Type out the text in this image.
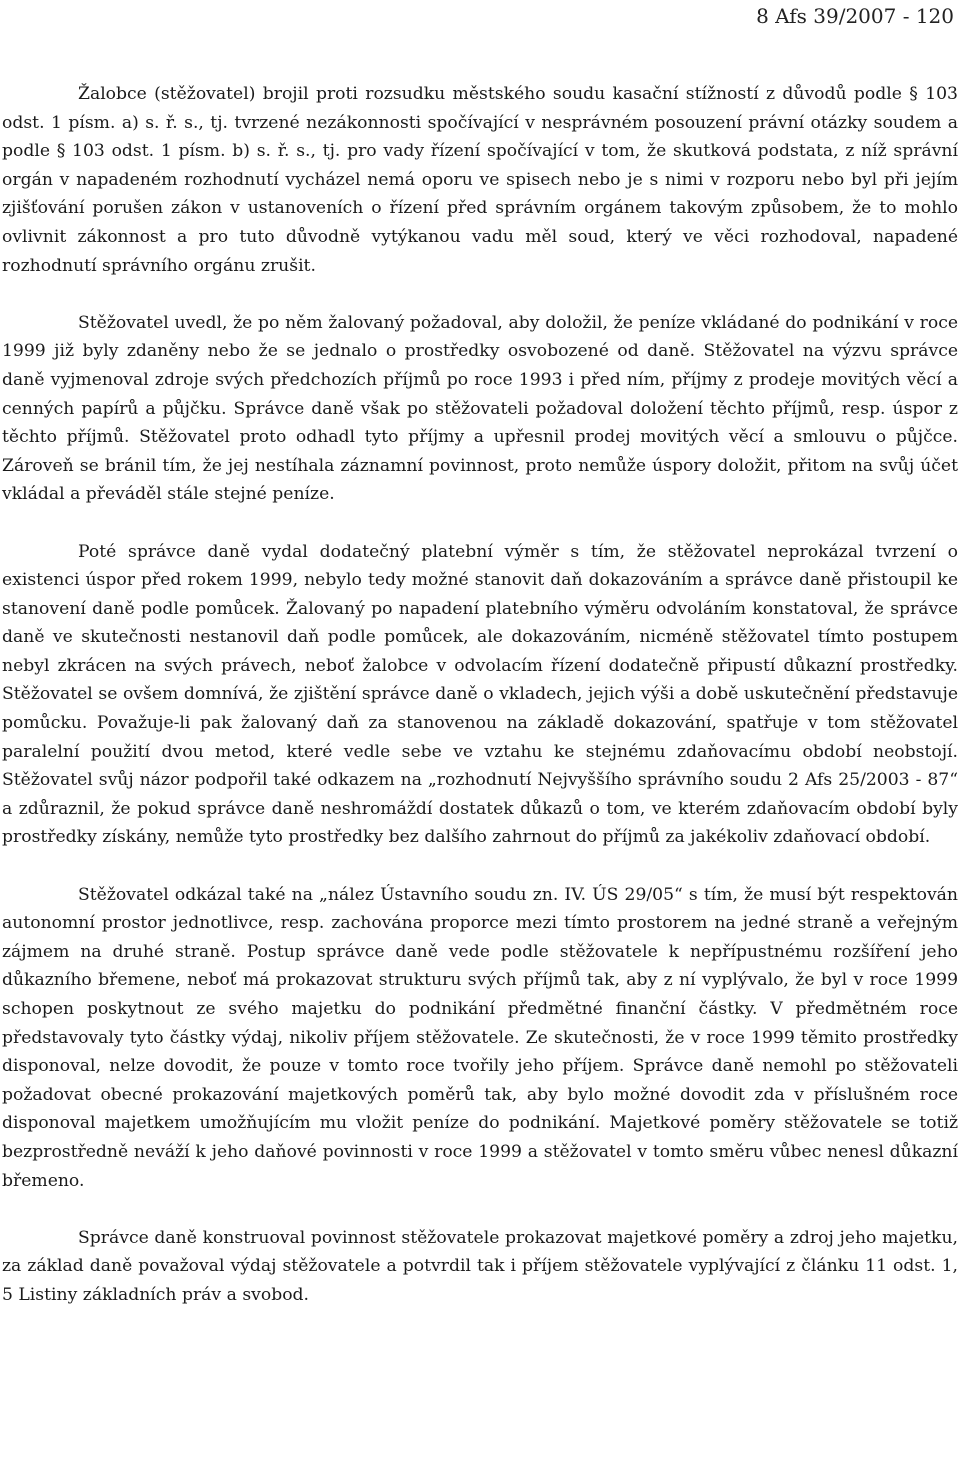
8 Afs 39/2007 - 120

Žalobce (stěžovatel) brojil proti rozsudku městského soudu kasační stížností z důvodů podle § 103 odst. 1 písm. a) s. ř. s., tj. tvrzené nezákonnosti spočívající v nesprávném posouzení právní otázky soudem a podle § 103 odst. 1 písm. b) s. ř. s., tj. pro vady řízení spočívající v tom, že skutková podstata, z níž správní orgán v napadeném rozhodnutí vycházel nemá oporu ve spisech nebo je s nimi v rozporu nebo byl při jejím zjišťování porušen zákon v ustanoveních o řízení před správním orgánem takovým způsobem, že to mohlo ovlivnit zákonnost a pro tuto důvodně vytýkanou vadu měl soud, který ve věci rozhodoval, napadené rozhodnutí správního orgánu zrušit.

Stěžovatel uvedl, že po něm žalovaný požadoval, aby doložil, že peníze vkládané do podnikání v roce 1999 již byly zdaněny nebo že se jednalo o prostředky osvobozené od daně. Stěžovatel na výzvu správce daně vyjmenoval zdroje svých předchozích příjmů po roce 1993 i před ním, příjmy z prodeje movitých věcí a cenných papírů a půjčku. Správce daně však po stěžovateli požadoval doložení těchto příjmů, resp. úspor z těchto příjmů. Stěžovatel proto odhadl tyto příjmy a upřesnil prodej movitých věcí a smlouvu o půjčce. Zároveň se bránil tím, že jej nestíhala záznamní povinnost, proto nemůže úspory doložit, přitom na svůj účet vkládal a převáděl stále stejné peníze.

Poté správce daně vydal dodatečný platební výměr s tím, že stěžovatel neprokázal tvrzení o existenci úspor před rokem 1999, nebylo tedy možné stanovit daň dokazováním a správce daně přistoupil ke stanovení daně podle pomůcek. Žalovaný po napadení platebního výměru odvoláním konstatoval, že správce daně ve skutečnosti nestanovil daň podle pomůcek, ale dokazováním, nicméně stěžovatel tímto postupem nebyl zkrácen na svých právech, neboť žalobce v odvolacím řízení dodatečně připustí důkazní prostředky. Stěžovatel se ovšem domnívá, že zjištění správce daně o vkladech, jejich výši a době uskutečnění představuje pomůcku. Považuje-li pak žalovaný daň za stanovenou na základě dokazování, spatřuje v tom stěžovatel paralelní použití dvou metod, které vedle sebe ve vztahu ke stejnému zdaňovacímu období neobstojí. Stěžovatel svůj názor podpořil také odkazem na „rozhodnutí Nejvyššího správního soudu 2 Afs 25/2003 - 87“ a zdůraznil, že pokud správce daně neshromáždí dostatek důkazů o tom, ve kterém zdaňovacím období byly prostředky získány, nemůže tyto prostředky bez dalšího zahrnout do příjmů za jakékoliv zdaňovací období.

Stěžovatel odkázal také na „nález Ústavního soudu zn. IV. ÚS 29/05“ s tím, že musí být respektován autonomní prostor jednotlivce, resp. zachována proporce mezi tímto prostorem na jedné straně a veřejným zájmem na druhé straně. Postup správce daně vede podle stěžovatele k nepřípustnému rozšíření jeho důkazního břemene, neboť má prokazovat strukturu svých příjmů tak, aby z ní vyplývalo, že byl v roce 1999 schopen poskytnout ze svého majetku do podnikání předmětné finanční částky. V předmětném roce představovaly tyto částky výdaj, nikoliv příjem stěžovatele. Ze skutečnosti, že v roce 1999 těmito prostředky disponoval, nelze dovodit, že pouze v tomto roce tvořily jeho příjem. Správce daně nemohl po stěžovateli požadovat obecné prokazování majetkových poměrů tak, aby bylo možné dovodit zda v příslušném roce disponoval majetkem umožňujícím mu vložit peníze do podnikání. Majetkové poměry stěžovatele se totiž bezprostředně neváží k jeho daňové povinnosti v roce 1999 a stěžovatel v tomto směru vůbec nenesl důkazní břemeno.

Správce daně konstruoval povinnost stěžovatele prokazovat majetkové poměry a zdroj jeho majetku, za základ daně považoval výdaj stěžovatele a potvrdil tak i příjem stěžovatele vyplývající z článku 11 odst. 1, 5 Listiny základních práv a svobod.
